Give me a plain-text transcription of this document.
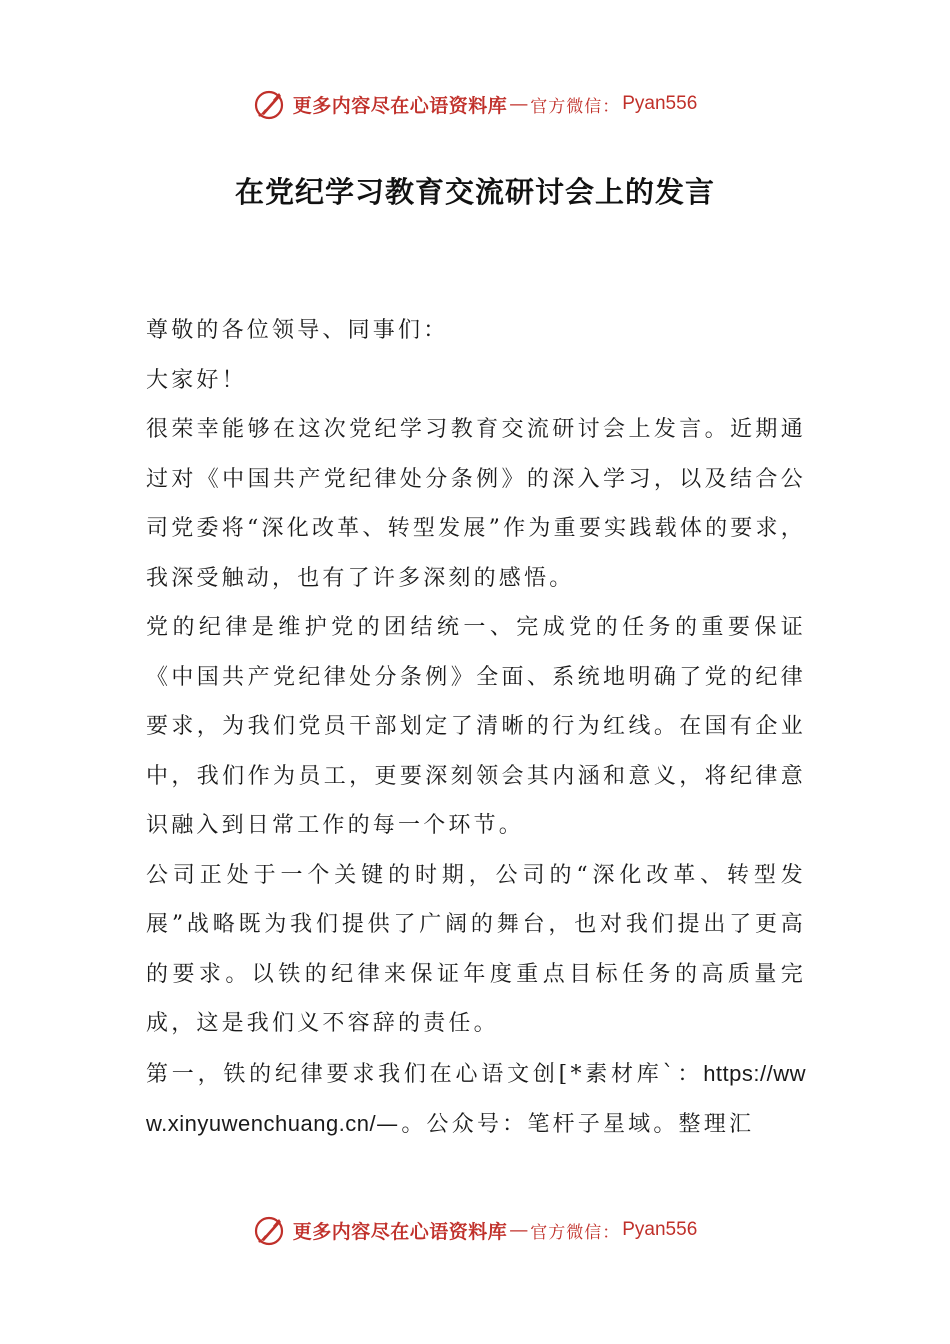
更多内容尽在心语资料库 — 官方微信： Pyan556
在党纪学习教育交流研讨会上的发言

尊敬的各位领导、同事们：

大家好！

很荣幸能够在这次党纪学习教育交流研讨会上发言。近期通过对《中国共产党纪律处分条例》的深入学习，以及结合公司党委将“深化改革、转型发展”作为重要实践载体的要求，我深受触动，也有了许多深刻的感悟。

党的纪律是维护党的团结统一、完成党的任务的重要保证《中国共产党纪律处分条例》全面、系统地明确了党的纪律要求，为我们党员干部划定了清晰的行为红线。在国有企业中，我们作为员工，更要深刻领会其内涵和意义，将纪律意识融入到日常工作的每一个环节。

公司正处于一个关键的时期，公司的“深化改革、转型发展”战略既为我们提供了广阔的舞台，也对我们提出了更高的要求。以铁的纪律来保证年度重点目标任务的高质量完成，这是我们义不容辞的责任。

第一，铁的纪律要求我们在心语文创[*素材库`：https://www.xinyuwenchuang.cn/—。公众号：笔杆子星域。整理汇

更多内容尽在心语资料库 — 官方微信： Pyan556
